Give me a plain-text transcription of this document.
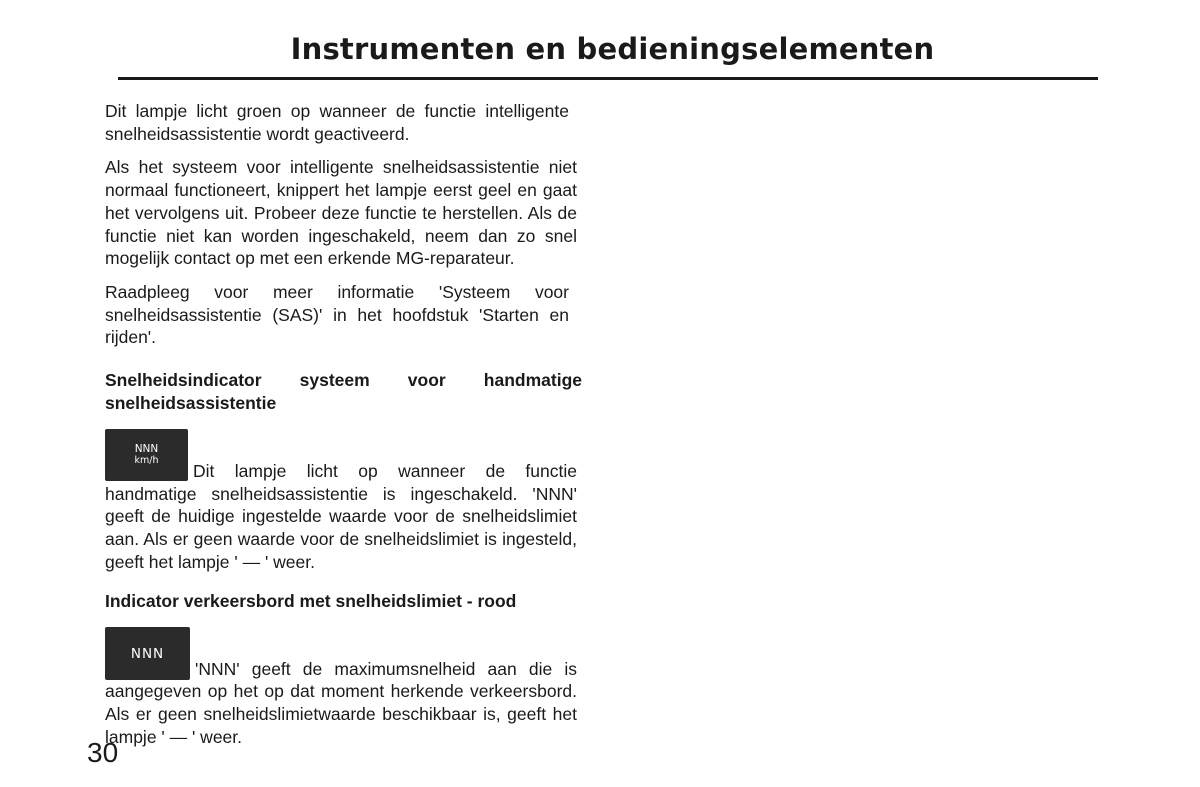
Instrumenten en bedieningselementen

Dit lampje licht groen op wanneer de functie intelligente snelheidsassistentie wordt geactiveerd.

Als het systeem voor intelligente snelheidsassistentie niet normaal functioneert, knippert het lampje eerst geel en gaat het vervolgens uit. Probeer deze functie te herstellen. Als de functie niet kan worden ingeschakeld, neem dan zo snel mogelijk contact op met een erkende MG-reparateur.

Raadpleeg voor meer informatie 'Systeem voor snelheidsassistentie (SAS)' in het hoofdstuk 'Starten en rijden'.

Snelheidsindicator systeem voor handmatige snelheidsassistentie
NNN
km/h

Dit lampje licht op wanneer de functie handmatige snelheidsassistentie is ingeschakeld. 'NNN' geeft de huidige ingestelde waarde voor de snelheidslimiet aan. Als er geen waarde voor de snelheidslimiet is ingesteld, geeft het lampje ' — ' weer.

Indicator verkeersbord met snelheidslimiet - rood
NNN

'NNN' geeft de maximumsnelheid aan die is aangegeven op het op dat moment herkende verkeersbord. Als er geen snelheidslimietwaarde beschikbaar is, geeft het lampje ' — ' weer.

30
